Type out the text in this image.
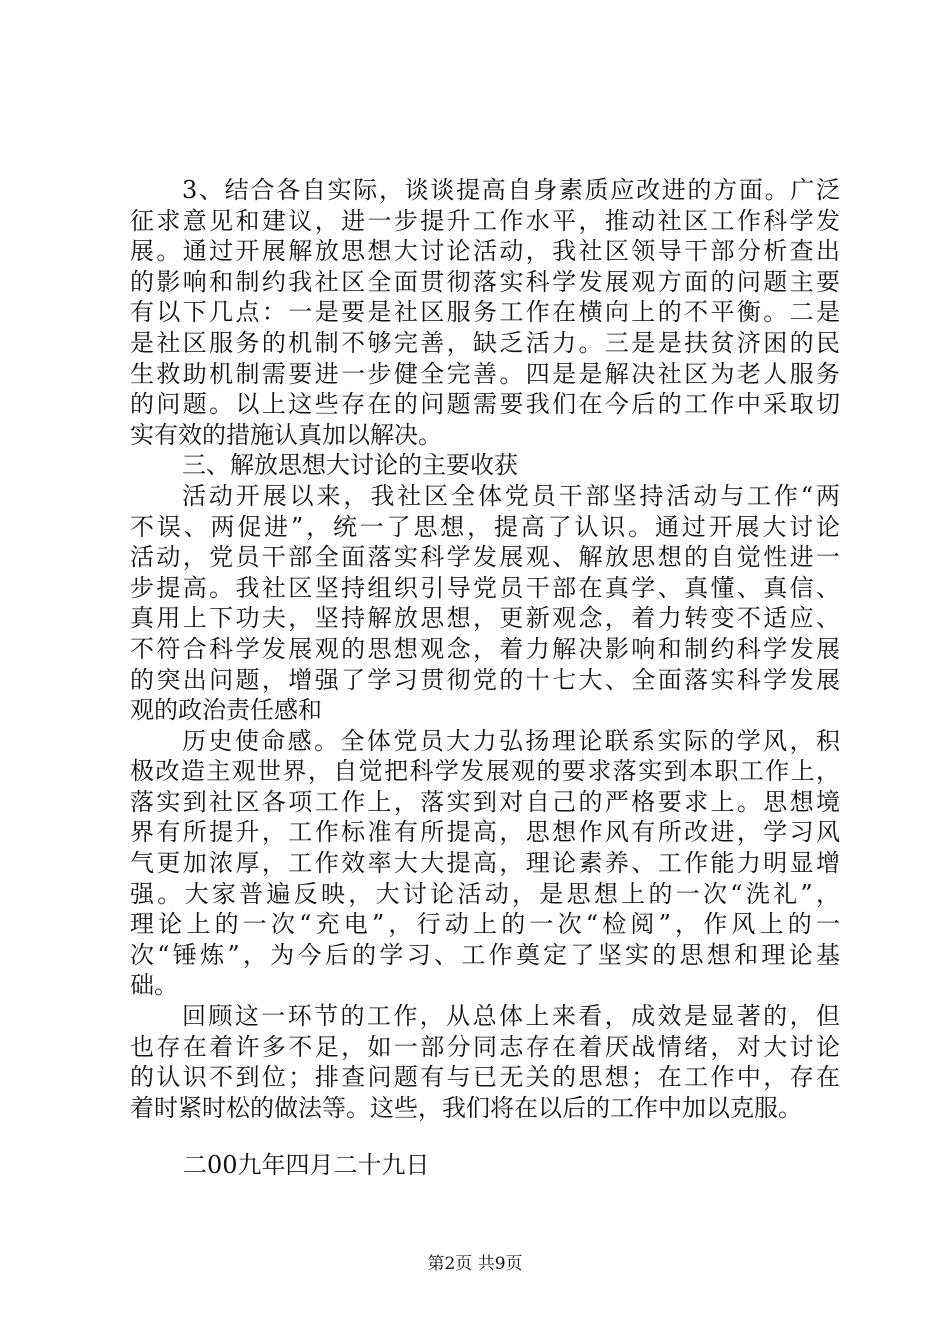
3、结合各自实际，谈谈提高自身素质应改进的方面。广泛
征求意见和建议，进一步提升工作水平，推动社区工作科学发
展。通过开展解放思想大讨论活动，我社区领导干部分析查出
的影响和制约我社区全面贯彻落实科学发展观方面的问题主要
有以下几点：一是要是社区服务工作在横向上的不平衡。二是
是社区服务的机制不够完善，缺乏活力。三是是扶贫济困的民
生救助机制需要进一步健全完善。四是是解决社区为老人服务
的问题。以上这些存在的问题需要我们在今后的工作中采取切
实有效的措施认真加以解决。
三、解放思想大讨论的主要收获
活动开展以来，我社区全体党员干部坚持活动与工作“两
不误、两促进”，统一了思想，提高了认识。通过开展大讨论
活动，党员干部全面落实科学发展观、解放思想的自觉性进一
步提高。我社区坚持组织引导党员干部在真学、真懂、真信、
真用上下功夫，坚持解放思想，更新观念，着力转变不适应、
不符合科学发展观的思想观念，着力解决影响和制约科学发展
的突出问题，增强了学习贯彻党的十七大、全面落实科学发展
观的政治责任感和
历史使命感。全体党员大力弘扬理论联系实际的学风，积
极改造主观世界，自觉把科学发展观的要求落实到本职工作上，
落实到社区各项工作上，落实到对自己的严格要求上。思想境
界有所提升，工作标准有所提高，思想作风有所改进，学习风
气更加浓厚，工作效率大大提高，理论素养、工作能力明显增
强。大家普遍反映，大讨论活动，是思想上的一次“洗礼”，
理论上的一次“充电”，行动上的一次“检阅”，作风上的一
次“锤炼”，为今后的学习、工作奠定了坚实的思想和理论基
础。
回顾这一环节的工作，从总体上来看，成效是显著的，但
也存在着许多不足，如一部分同志存在着厌战情绪，对大讨论
的认识不到位；排查问题有与已无关的思想；在工作中，存在
着时紧时松的做法等。这些，我们将在以后的工作中加以克服。
二00九年四月二十九日
第2页 共9页
